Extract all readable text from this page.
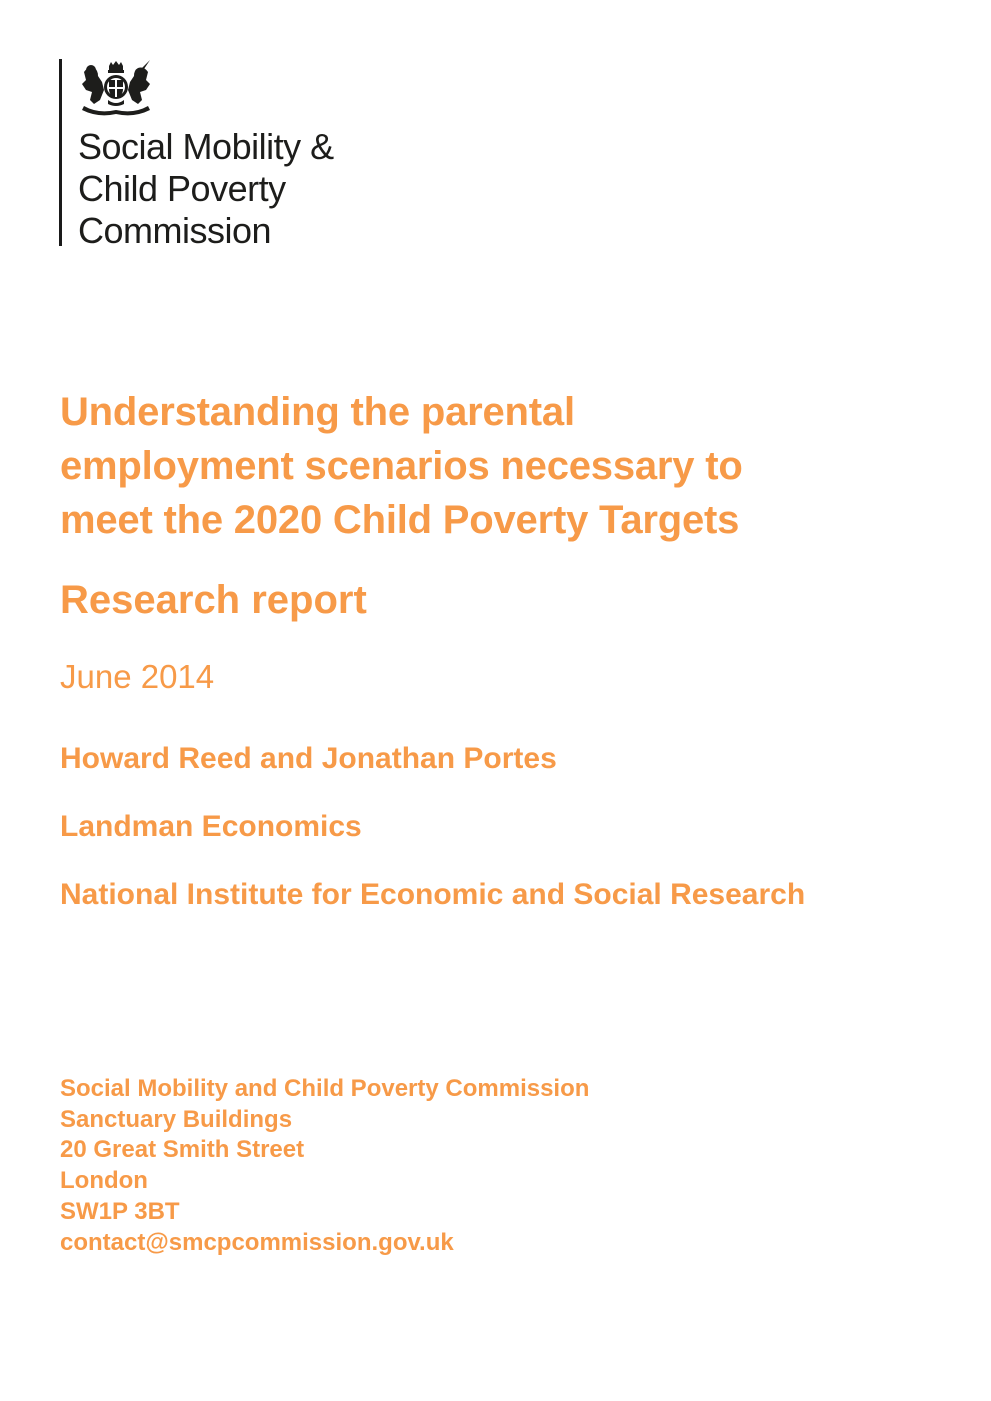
Social Mobility &
Child Poverty
Commission
Understanding the parental
employment scenarios necessary to
meet the 2020 Child Poverty Targets
Research report
June 2014
Howard Reed and Jonathan Portes
Landman Economics
National Institute for Economic and Social Research
Social Mobility and Child Poverty Commission
Sanctuary Buildings
20 Great Smith Street
London
SW1P 3BT
contact@smcpcommission.gov.uk
